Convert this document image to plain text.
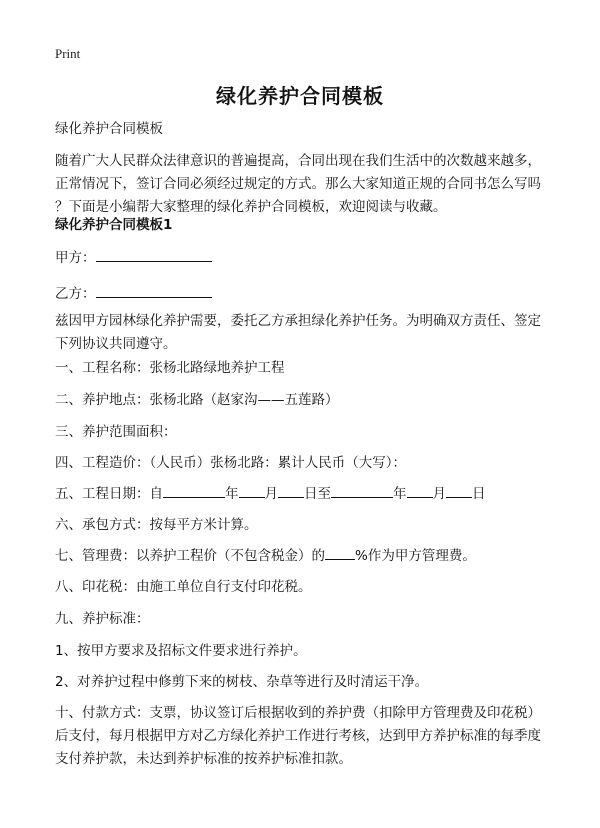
Print
绿化养护合同模板

绿化养护合同模板

随着广大人民群众法律意识的普遍提高，合同出现在我们生活中的次数越来越多，
正常情况下，签订合同必须经过规定的方式。那么大家知道正规的合同书怎么写吗
？下面是小编帮大家整理的绿化养护合同模板，欢迎阅读与收藏。

绿化养护合同模板1

甲方：
乙方：
兹因甲方园林绿化养护需要，委托乙方承担绿化养护任务。为明确双方责任、签定
下列协议共同遵守。

一、工程名称：张杨北路绿地养护工程

二、养护地点：张杨北路（赵家沟——五莲路）

三、养护范围面积：

四、工程造价：（人民币）张杨北路：累计人民币（大写）：

五、工程日期：自	年 月 日至	年 月 日

六、承包方式：按每平方米计算。

七、管理费：以养护工程价（不包含税金）的 %作为甲方管理费。

八、印花税：由施工单位自行支付印花税。

九、养护标准：

1、按甲方要求及招标文件要求进行养护。

2、对养护过程中修剪下来的树枝、杂草等进行及时清运干净。

十、付款方式：支票，协议签订后根据收到的养护费（扣除甲方管理费及印花税）
后支付，每月根据甲方对乙方绿化养护工作进行考核，达到甲方养护标准的每季度
支付养护款，未达到养护标准的按养护标准扣款。
